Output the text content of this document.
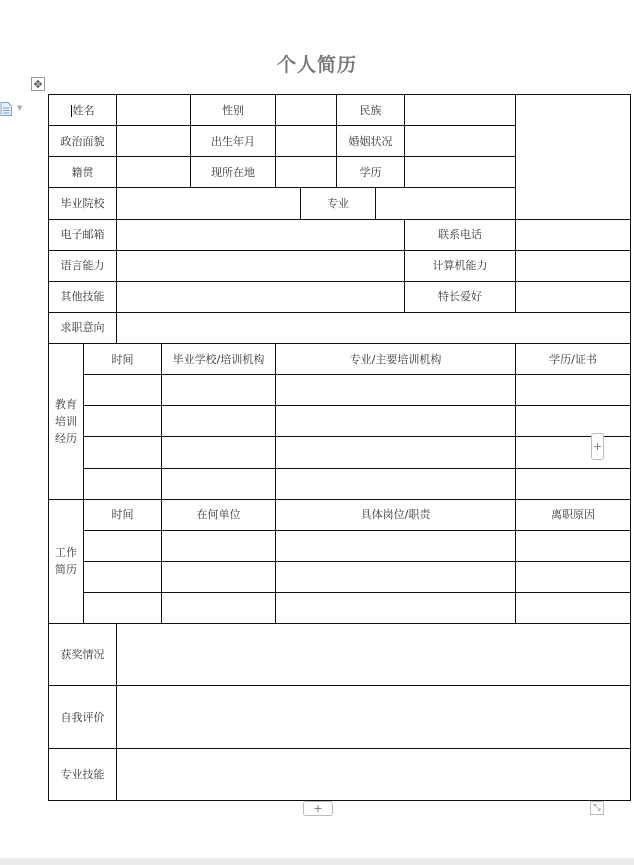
个人简历
✥
▼	姓名				性别			民族			
政治面貌				出生年月			婚姻状况			
籍贯				现所在地			学历			
毕业院校						专业				
电子邮箱									联系电话	
语言能力									计算机能力	
其他技能									特长爱好	
求职意向										

教育培训经历	时间		毕业学校/培训机构		专业/主要培训机构					学历/证书

工作简历	时间		在何单位		具体岗位/职责					离职原因

获奖情况										
自我评价										
专业技能										
+
+	⤡
